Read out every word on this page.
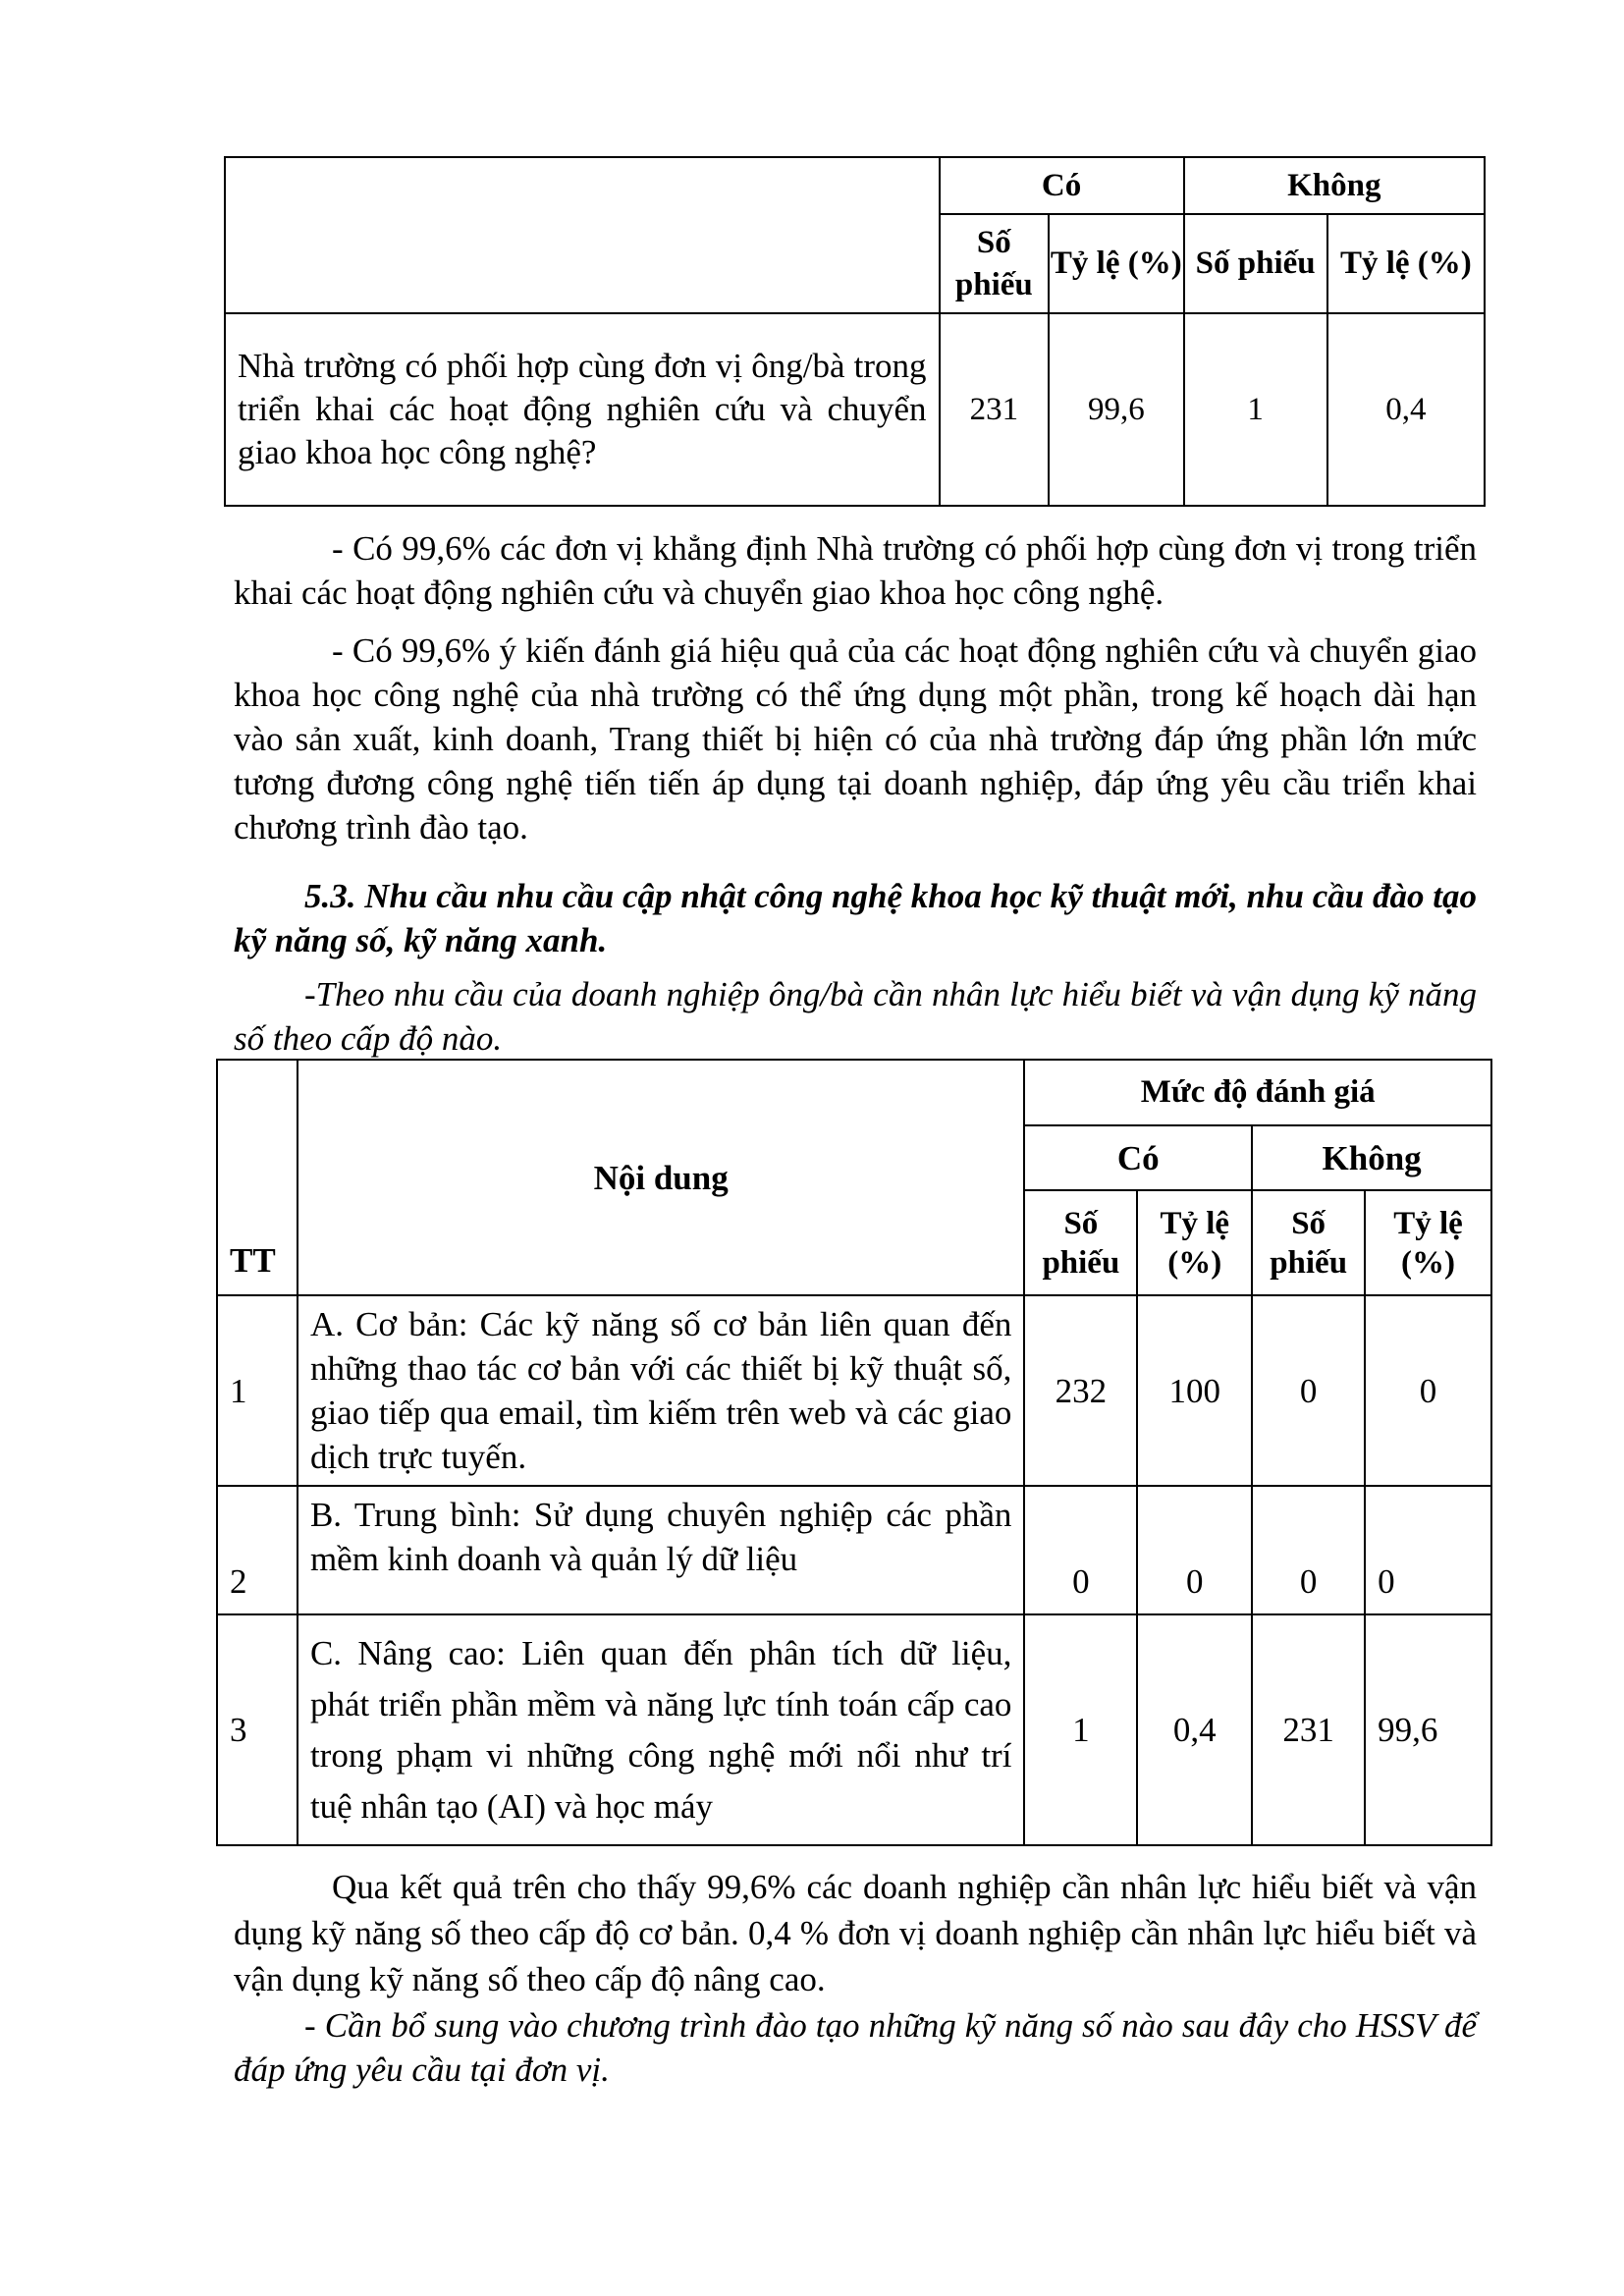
	Có		Không	
	Số phiếu	Tỷ lệ (%)	Số phiếu	Tỷ lệ (%)
Nhà trường có phối hợp cùng đơn vị ông/bà trong triển khai các hoạt động nghiên cứu và chuyển giao khoa học công nghệ?	231	99,6	1	0,4

- Có 99,6% các đơn vị khẳng định Nhà trường có phối hợp cùng đơn vị trong triển khai các hoạt động nghiên cứu và chuyển giao khoa học công nghệ.

- Có 99,6% ý kiến đánh giá hiệu quả của các hoạt động nghiên cứu và chuyển giao khoa học công nghệ của nhà trường có thể ứng dụng một phần, trong kế hoạch dài hạn vào sản xuất, kinh doanh, Trang thiết bị hiện có của nhà trường đáp ứng phần lớn mức tương đương công nghệ tiến tiến áp dụng tại doanh nghiệp, đáp ứng yêu cầu triển khai chương trình đào tạo.

5.3. Nhu cầu nhu cầu cập nhật công nghệ khoa học kỹ thuật mới, nhu cầu đào tạo kỹ năng số, kỹ năng xanh.

-Theo nhu cầu của doanh nghiệp ông/bà cần nhân lực hiểu biết và vận dụng kỹ năng số theo cấp độ nào.

TT	Nội dung	Mức độ đánh giá			
		Có		Không	
		Số phiếu	Tỷ lệ (%)	Số phiếu	Tỷ lệ (%)
1	A. Cơ bản: Các kỹ năng số cơ bản liên quan đến những thao tác cơ bản với các thiết bị kỹ thuật số, giao tiếp qua email, tìm kiếm trên web và các giao dịch trực tuyến.	232	100	0	0
2	B. Trung bình: Sử dụng chuyên nghiệp các phần mềm kinh doanh và quản lý dữ liệu	0	0	0	0
3	C. Nâng cao: Liên quan đến phân tích dữ liệu, phát triển phần mềm và năng lực tính toán cấp cao trong phạm vi những công nghệ mới nổi như trí tuệ nhân tạo (AI) và học máy	1	0,4	231	99,6

Qua kết quả trên cho thấy 99,6% các doanh nghiệp cần nhân lực hiểu biết và vận dụng kỹ năng số theo cấp độ cơ bản. 0,4 % đơn vị doanh nghiệp cần nhân lực hiểu biết và vận dụng kỹ năng số theo cấp độ nâng cao.

- Cần bổ sung vào chương trình đào tạo những kỹ năng số nào sau đây cho HSSV để đáp ứng yêu cầu tại đơn vị.
